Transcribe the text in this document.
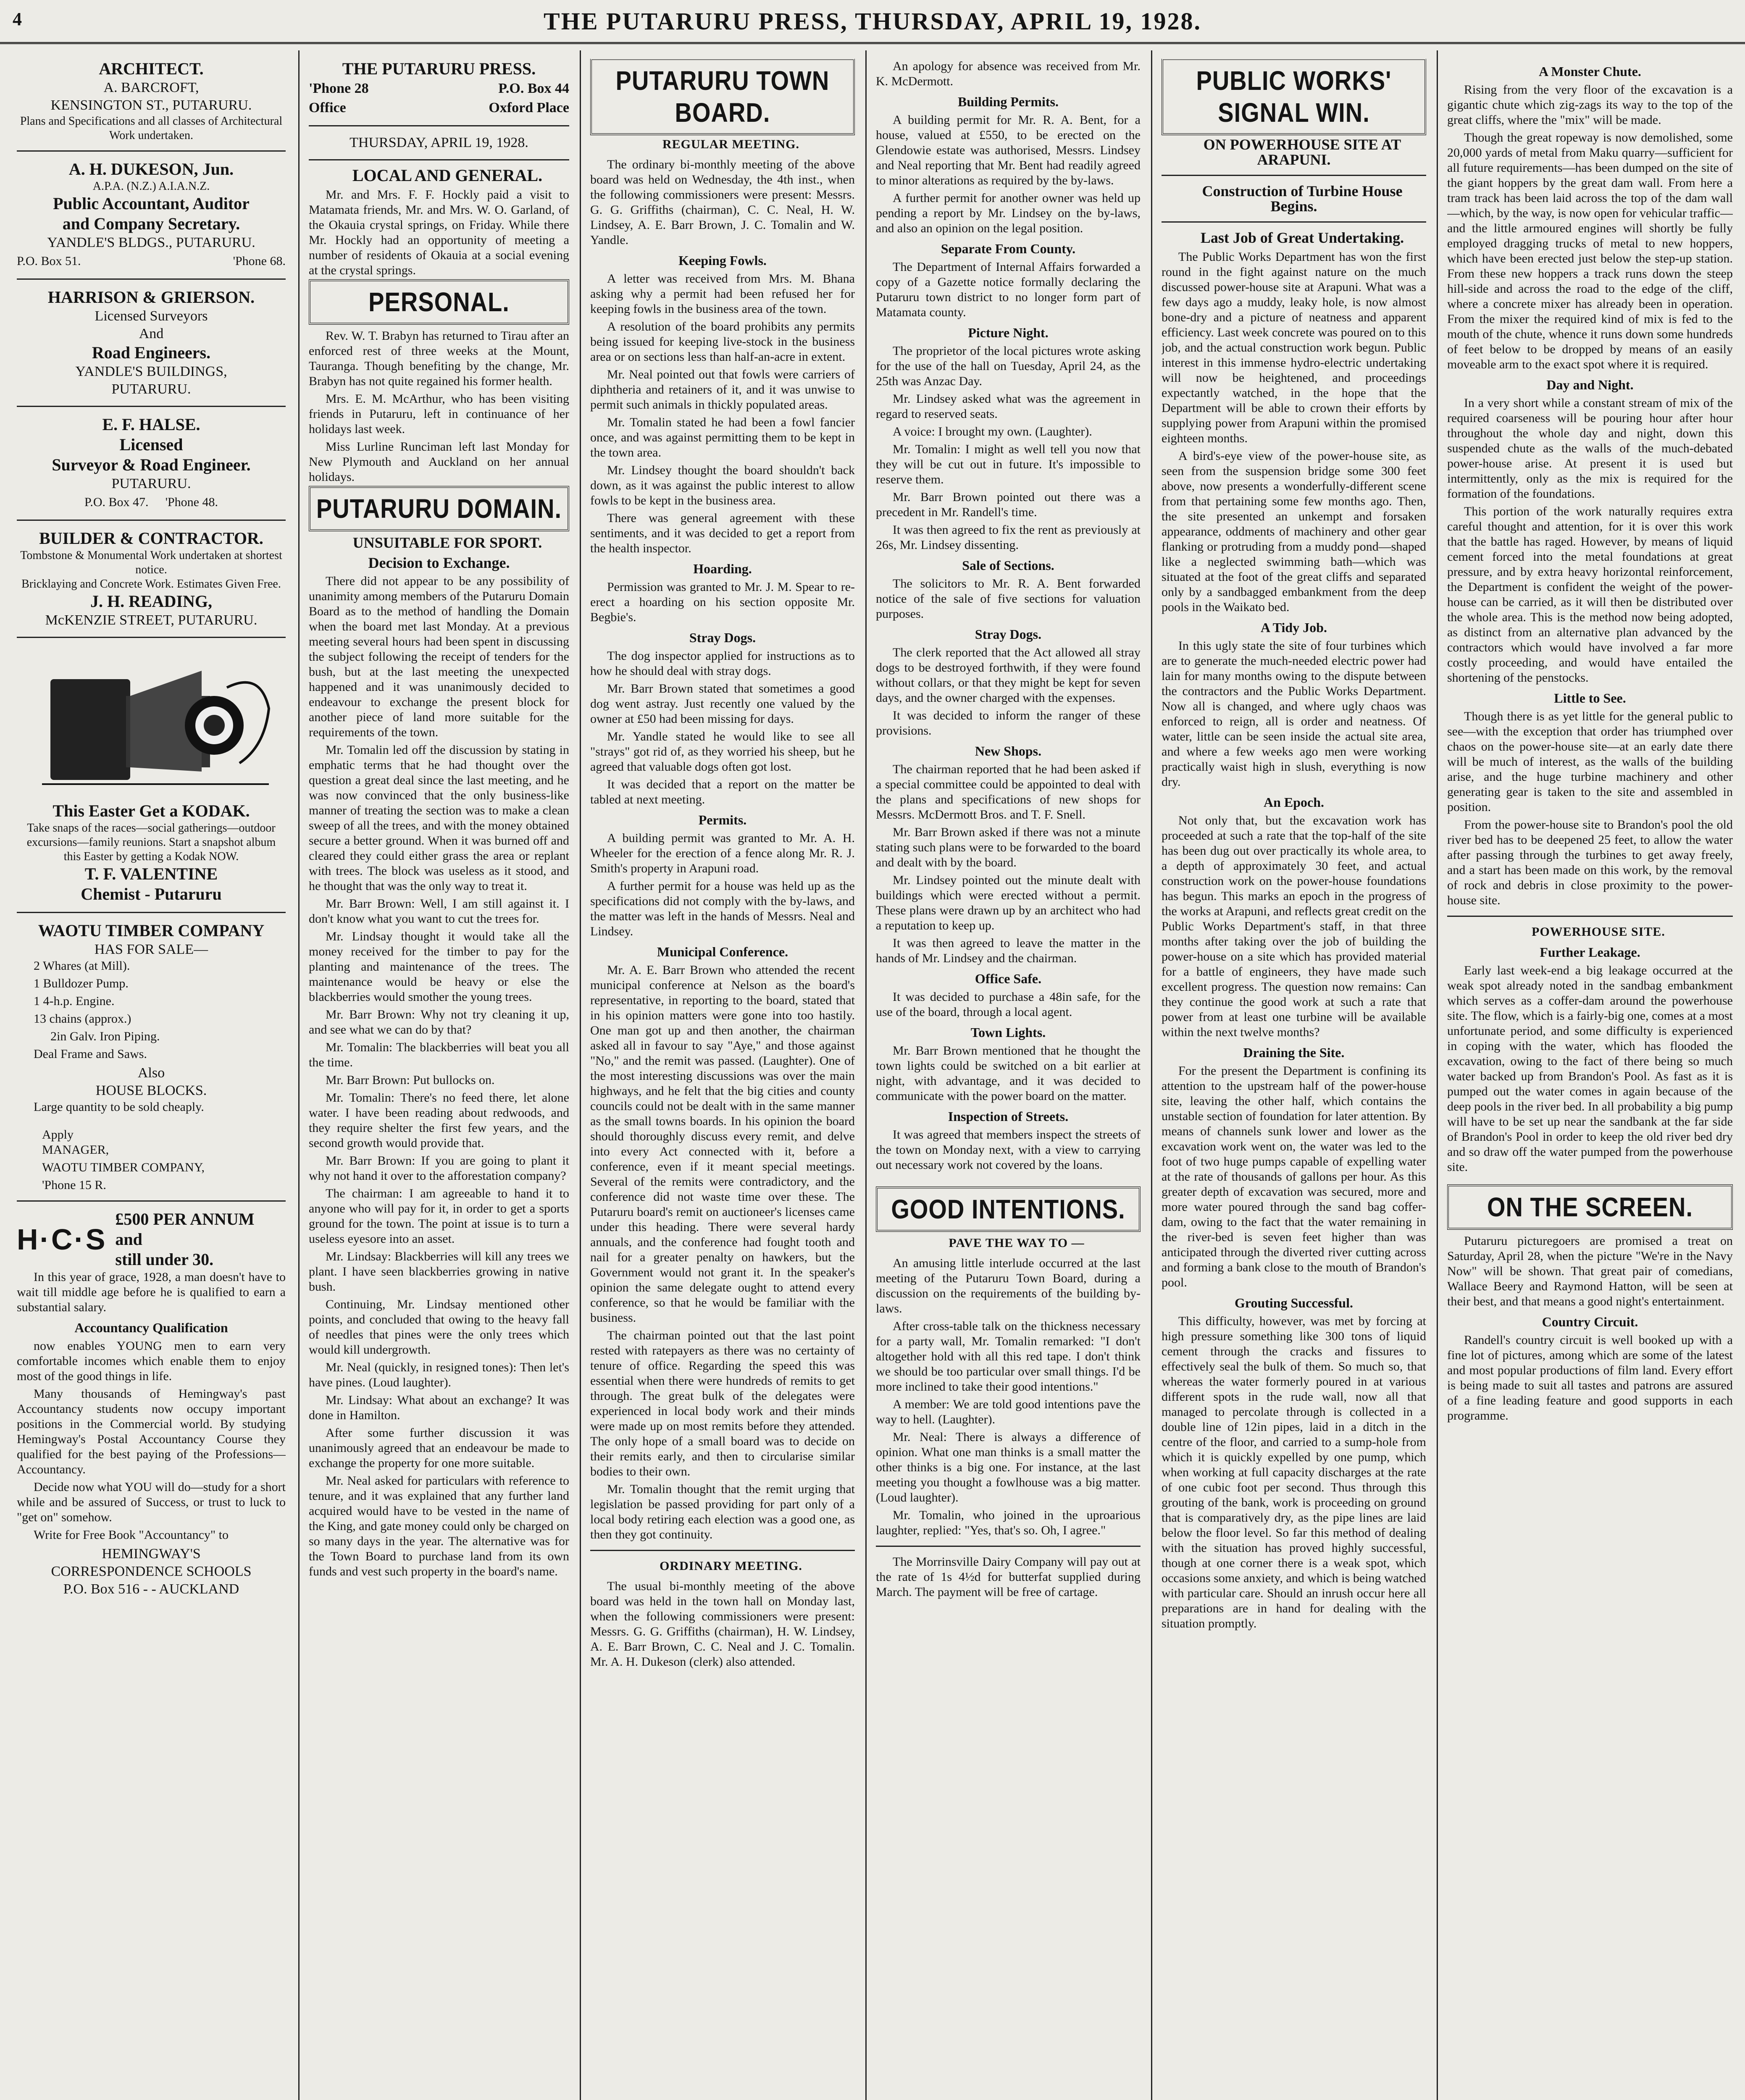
4	THE PUTARURU PRESS, THURSDAY, APRIL 19, 1928.

ARCHITECT.

A. BARCROFT,

KENSINGTON ST., PUTARURU.

Plans and Specifications and all classes of Architectural Work undertaken.

A. H. DUKESON, Jun.

A.P.A. (N.Z.) A.I.A.N.Z.

Public Accountant, Auditor

and Company Secretary.

YANDLE'S BLDGS., PUTARURU.

P.O. Box 51.	'Phone 68.

HARRISON & GRIERSON.

Licensed Surveyors

And

Road Engineers.

YANDLE'S BUILDINGS,

PUTARURU.

E. F. HALSE.

Licensed

Surveyor & Road Engineer.

PUTARURU.

P.O. Box 47. 'Phone 48.

BUILDER & CONTRACTOR.

Tombstone & Monumental Work undertaken at shortest notice.

Bricklaying and Concrete Work. Estimates Given Free.

J. H. READING,

McKENZIE STREET, PUTARURU.

This Easter Get a KODAK.

Take snaps of the races—social gatherings—outdoor excursions—family reunions. Start a snapshot album this Easter by getting a Kodak NOW.

T. F. VALENTINE

Chemist - Putaruru

WAOTU TIMBER COMPANY

HAS FOR SALE—

2 Whares (at Mill).

1 Bulldozer Pump.

1 4-h.p. Engine.

13 chains (approx.)

2in Galv. Iron Piping.

Deal Frame and Saws.

Also

HOUSE BLOCKS.

Large quantity to be sold cheaply.

Apply

MANAGER,

WAOTU TIMBER COMPANY,

'Phone 15 R.

H·C·S

£500 PER ANNUM

and

still under 30.

In this year of grace, 1928, a man doesn't have to wait till middle age before he is qualified to earn a substantial salary.

Accountancy Qualification

now enables YOUNG men to earn very comfortable incomes which enable them to enjoy most of the good things in life.

Many thousands of Hemingway's past Accountancy students now occupy important positions in the Commercial world. By studying Hemingway's Postal Accountancy Course they qualified for the best paying of the Professions—Accountancy.

Decide now what YOU will do—study for a short while and be assured of Success, or trust to luck to "get on" somehow.

Write for Free Book "Accountancy" to

HEMINGWAY'S

CORRESPONDENCE SCHOOLS

P.O. Box 516 - - AUCKLAND

THE PUTARURU PRESS.

'Phone 28	P.O. Box 44
Office	Oxford Place

THURSDAY, APRIL 19, 1928.

LOCAL AND GENERAL.

Mr. and Mrs. F. F. Hockly paid a visit to Matamata friends, Mr. and Mrs. W. O. Garland, of the Okauia crystal springs, on Friday. While there Mr. Hockly had an opportunity of meeting a number of residents of Okauia at a social evening at the crystal springs.

PERSONAL.

Rev. W. T. Brabyn has returned to Tirau after an enforced rest of three weeks at the Mount, Tauranga. Though benefiting by the change, Mr. Brabyn has not quite regained his former health.

Mrs. E. M. McArthur, who has been visiting friends in Putaruru, left in continuance of her holidays last week.

Miss Lurline Runciman left last Monday for New Plymouth and Auckland on her annual holidays.

PUTARURU DOMAIN.

UNSUITABLE FOR SPORT.

Decision to Exchange.

There did not appear to be any possibility of unanimity among members of the Putaruru Domain Board as to the method of handling the Domain when the board met last Monday. At a previous meeting several hours had been spent in discussing the subject following the receipt of tenders for the bush, but at the last meeting the unexpected happened and it was unanimously decided to endeavour to exchange the present block for another piece of land more suitable for the requirements of the town.

Mr. Tomalin led off the discussion by stating in emphatic terms that he had thought over the question a great deal since the last meeting, and he was now convinced that the only business-like manner of treating the section was to make a clean sweep of all the trees, and with the money obtained secure a better ground. When it was burned off and cleared they could either grass the area or replant with trees. The block was useless as it stood, and he thought that was the only way to treat it.

Mr. Barr Brown: Well, I am still against it. I don't know what you want to cut the trees for.

Mr. Lindsay thought it would take all the money received for the timber to pay for the planting and maintenance of the trees. The maintenance would be heavy or else the blackberries would smother the young trees.

Mr. Barr Brown: Why not try cleaning it up, and see what we can do by that?

Mr. Tomalin: The blackberries will beat you all the time.

Mr. Barr Brown: Put bullocks on.

Mr. Tomalin: There's no feed there, let alone water. I have been reading about redwoods, and they require shelter the first few years, and the second growth would provide that.

Mr. Barr Brown: If you are going to plant it why not hand it over to the afforestation company?

The chairman: I am agreeable to hand it to anyone who will pay for it, in order to get a sports ground for the town. The point at issue is to turn a useless eyesore into an asset.

Mr. Lindsay: Blackberries will kill any trees we plant. I have seen blackberries growing in native bush.

Continuing, Mr. Lindsay mentioned other points, and concluded that owing to the heavy fall of needles that pines were the only trees which would kill undergrowth.

Mr. Neal (quickly, in resigned tones): Then let's have pines. (Loud laughter).

Mr. Lindsay: What about an exchange? It was done in Hamilton.

After some further discussion it was unanimously agreed that an endeavour be made to exchange the property for one more suitable.

Mr. Neal asked for particulars with reference to tenure, and it was explained that any further land acquired would have to be vested in the name of the King, and gate money could only be charged on so many days in the year. The alternative was for the Town Board to purchase land from its own funds and vest such property in the board's name.

PUTARURU TOWN BOARD.

REGULAR MEETING.

The ordinary bi-monthly meeting of the above board was held on Wednesday, the 4th inst., when the following commissioners were present: Messrs. G. G. Griffiths (chairman), C. C. Neal, H. W. Lindsey, A. E. Barr Brown, J. C. Tomalin and W. Yandle.

Keeping Fowls.

A letter was received from Mrs. M. Bhana asking why a permit had been refused her for keeping fowls in the business area of the town.

A resolution of the board prohibits any permits being issued for keeping live-stock in the business area or on sections less than half-an-acre in extent.

Mr. Neal pointed out that fowls were carriers of diphtheria and retainers of it, and it was unwise to permit such animals in thickly populated areas.

Mr. Tomalin stated he had been a fowl fancier once, and was against permitting them to be kept in the town area.

Mr. Lindsey thought the board shouldn't back down, as it was against the public interest to allow fowls to be kept in the business area.

There was general agreement with these sentiments, and it was decided to get a report from the health inspector.

Hoarding.

Permission was granted to Mr. J. M. Spear to re-erect a hoarding on his section opposite Mr. Begbie's.

Stray Dogs.

The dog inspector applied for instructions as to how he should deal with stray dogs.

Mr. Barr Brown stated that sometimes a good dog went astray. Just recently one valued by the owner at £50 had been missing for days.

Mr. Yandle stated he would like to see all "strays" got rid of, as they worried his sheep, but he agreed that valuable dogs often got lost.

It was decided that a report on the matter be tabled at next meeting.

Permits.

A building permit was granted to Mr. A. H. Wheeler for the erection of a fence along Mr. R. J. Smith's property in Arapuni road.

A further permit for a house was held up as the specifications did not comply with the by-laws, and the matter was left in the hands of Messrs. Neal and Lindsey.

Municipal Conference.

Mr. A. E. Barr Brown who attended the recent municipal conference at Nelson as the board's representative, in reporting to the board, stated that in his opinion matters were gone into too hastily. One man got up and then another, the chairman asked all in favour to say "Aye," and those against "No," and the remit was passed. (Laughter). One of the most interesting discussions was over the main highways, and he felt that the big cities and county councils could not be dealt with in the same manner as the small towns boards. In his opinion the board should thoroughly discuss every remit, and delve into every Act connected with it, before a conference, even if it meant special meetings. Several of the remits were contradictory, and the conference did not waste time over these. The Putaruru board's remit on auctioneer's licenses came under this heading. There were several hardy annuals, and the conference had fought tooth and nail for a greater penalty on hawkers, but the Government would not grant it. In the speaker's opinion the same delegate ought to attend every conference, so that he would be familiar with the business.

The chairman pointed out that the last point rested with ratepayers as there was no certainty of tenure of office. Regarding the speed this was essential when there were hundreds of remits to get through. The great bulk of the delegates were experienced in local body work and their minds were made up on most remits before they attended. The only hope of a small board was to decide on their remits early, and then to circularise similar bodies to their own.

Mr. Tomalin thought that the remit urging that legislation be passed providing for part only of a local body retiring each election was a good one, as then they got continuity.

ORDINARY MEETING.

The usual bi-monthly meeting of the above board was held in the town hall on Monday last, when the following commissioners were present: Messrs. G. G. Griffiths (chairman), H. W. Lindsey, A. E. Barr Brown, C. C. Neal and J. C. Tomalin. Mr. A. H. Dukeson (clerk) also attended.

An apology for absence was received from Mr. K. McDermott.

Building Permits.

A building permit for Mr. R. A. Bent, for a house, valued at £550, to be erected on the Glendowie estate was authorised, Messrs. Lindsey and Neal reporting that Mr. Bent had readily agreed to minor alterations as required by the by-laws.

A further permit for another owner was held up pending a report by Mr. Lindsey on the by-laws, and also an opinion on the legal position.

Separate From County.

The Department of Internal Affairs forwarded a copy of a Gazette notice formally declaring the Putaruru town district to no longer form part of Matamata county.

Picture Night.

The proprietor of the local pictures wrote asking for the use of the hall on Tuesday, April 24, as the 25th was Anzac Day.

Mr. Lindsey asked what was the agreement in regard to reserved seats.

A voice: I brought my own. (Laughter).

Mr. Tomalin: I might as well tell you now that they will be cut out in future. It's impossible to reserve them.

Mr. Barr Brown pointed out there was a precedent in Mr. Randell's time.

It was then agreed to fix the rent as previously at 26s, Mr. Lindsey dissenting.

Sale of Sections.

The solicitors to Mr. R. A. Bent forwarded notice of the sale of five sections for valuation purposes.

Stray Dogs.

The clerk reported that the Act allowed all stray dogs to be destroyed forthwith, if they were found without collars, or that they might be kept for seven days, and the owner charged with the expenses.

It was decided to inform the ranger of these provisions.

New Shops.

The chairman reported that he had been asked if a special committee could be appointed to deal with the plans and specifications of new shops for Messrs. McDermott Bros. and T. F. Snell.

Mr. Barr Brown asked if there was not a minute stating such plans were to be forwarded to the board and dealt with by the board.

Mr. Lindsey pointed out the minute dealt with buildings which were erected without a permit. These plans were drawn up by an architect who had a reputation to keep up.

It was then agreed to leave the matter in the hands of Mr. Lindsey and the chairman.

Office Safe.

It was decided to purchase a 48in safe, for the use of the board, through a local agent.

Town Lights.

Mr. Barr Brown mentioned that he thought the town lights could be switched on a bit earlier at night, with advantage, and it was decided to communicate with the power board on the matter.

Inspection of Streets.

It was agreed that members inspect the streets of the town on Monday next, with a view to carrying out necessary work not covered by the loans.

GOOD INTENTIONS.

PAVE THE WAY TO —

An amusing little interlude occurred at the last meeting of the Putaruru Town Board, during a discussion on the requirements of the building by-laws.

After cross-table talk on the thickness necessary for a party wall, Mr. Tomalin remarked: "I don't altogether hold with all this red tape. I don't think we should be too particular over small things. I'd be more inclined to take their good intentions."

A member: We are told good intentions pave the way to hell. (Laughter).

Mr. Neal: There is always a difference of opinion. What one man thinks is a small matter the other thinks is a big one. For instance, at the last meeting you thought a fowlhouse was a big matter. (Loud laughter).

Mr. Tomalin, who joined in the uproarious laughter, replied: "Yes, that's so. Oh, I agree."

The Morrinsville Dairy Company will pay out at the rate of 1s 4½d for butterfat supplied during March. The payment will be free of cartage.

PUBLIC WORKS' SIGNAL WIN.

ON POWERHOUSE SITE AT ARAPUNI.

Construction of Turbine House Begins.

Last Job of Great Undertaking.

The Public Works Department has won the first round in the fight against nature on the much discussed power-house site at Arapuni. What was a few days ago a muddy, leaky hole, is now almost bone-dry and a picture of neatness and apparent efficiency. Last week concrete was poured on to this job, and the actual construction work begun. Public interest in this immense hydro-electric undertaking will now be heightened, and proceedings expectantly watched, in the hope that the Department will be able to crown their efforts by supplying power from Arapuni within the promised eighteen months.

A bird's-eye view of the power-house site, as seen from the suspension bridge some 300 feet above, now presents a wonderfully-different scene from that pertaining some few months ago. Then, the site presented an unkempt and forsaken appearance, oddments of machinery and other gear flanking or protruding from a muddy pond—shaped like a neglected swimming bath—which was situated at the foot of the great cliffs and separated only by a sandbagged embankment from the deep pools in the Waikato bed.

A Tidy Job.

In this ugly state the site of four turbines which are to generate the much-needed electric power had lain for many months owing to the dispute between the contractors and the Public Works Department. Now all is changed, and where ugly chaos was enforced to reign, all is order and neatness. Of water, little can be seen inside the actual site area, and where a few weeks ago men were working practically waist high in slush, everything is now dry.

An Epoch.

Not only that, but the excavation work has proceeded at such a rate that the top-half of the site has been dug out over practically its whole area, to a depth of approximately 30 feet, and actual construction work on the power-house foundations has begun. This marks an epoch in the progress of the works at Arapuni, and reflects great credit on the Public Works Department's staff, in that three months after taking over the job of building the power-house on a site which has provided material for a battle of engineers, they have made such excellent progress. The question now remains: Can they continue the good work at such a rate that power from at least one turbine will be available within the next twelve months?

Draining the Site.

For the present the Department is confining its attention to the upstream half of the power-house site, leaving the other half, which contains the unstable section of foundation for later attention. By means of channels sunk lower and lower as the excavation work went on, the water was led to the foot of two huge pumps capable of expelling water at the rate of thousands of gallons per hour. As this greater depth of excavation was secured, more and more water poured through the sand bag coffer-dam, owing to the fact that the water remaining in the river-bed is seven feet higher than was anticipated through the diverted river cutting across and forming a bank close to the mouth of Brandon's pool.

Grouting Successful.

This difficulty, however, was met by forcing at high pressure something like 300 tons of liquid cement through the cracks and fissures to effectively seal the bulk of them. So much so, that whereas the water formerly poured in at various different spots in the rude wall, now all that managed to percolate through is collected in a double line of 12in pipes, laid in a ditch in the centre of the floor, and carried to a sump-hole from which it is quickly expelled by one pump, which when working at full capacity discharges at the rate of one cubic foot per second. Thus through this grouting of the bank, work is proceeding on ground that is comparatively dry, as the pipe lines are laid below the floor level. So far this method of dealing with the situation has proved highly successful, though at one corner there is a weak spot, which occasions some anxiety, and which is being watched with particular care. Should an inrush occur here all preparations are in hand for dealing with the situation promptly.

A Monster Chute.

Rising from the very floor of the excavation is a gigantic chute which zig-zags its way to the top of the great cliffs, where the "mix" will be made.

Though the great ropeway is now demolished, some 20,000 yards of metal from Maku quarry—sufficient for all future requirements—has been dumped on the site of the giant hoppers by the great dam wall. From here a tram track has been laid across the top of the dam wall—which, by the way, is now open for vehicular traffic—and the little armoured engines will shortly be fully employed dragging trucks of metal to new hoppers, which have been erected just below the step-up station. From these new hoppers a track runs down the steep hill-side and across the road to the edge of the cliff, where a concrete mixer has already been in operation. From the mixer the required kind of mix is fed to the mouth of the chute, whence it runs down some hundreds of feet below to be dropped by means of an easily moveable arm to the exact spot where it is required.

Day and Night.

In a very short while a constant stream of mix of the required coarseness will be pouring hour after hour throughout the whole day and night, down this suspended chute as the walls of the much-debated power-house arise. At present it is used but intermittently, only as the mix is required for the formation of the foundations.

This portion of the work naturally requires extra careful thought and attention, for it is over this work that the battle has raged. However, by means of liquid cement forced into the metal foundations at great pressure, and by extra heavy horizontal reinforcement, the Department is confident the weight of the power-house can be carried, as it will then be distributed over the whole area. This is the method now being adopted, as distinct from an alternative plan advanced by the contractors which would have involved a far more costly proceeding, and would have entailed the shortening of the penstocks.

Little to See.

Though there is as yet little for the general public to see—with the exception that order has triumphed over chaos on the power-house site—at an early date there will be much of interest, as the walls of the building arise, and the huge turbine machinery and other generating gear is taken to the site and assembled in position.

From the power-house site to Brandon's pool the old river bed has to be deepened 25 feet, to allow the water after passing through the turbines to get away freely, and a start has been made on this work, by the removal of rock and debris in close proximity to the power-house site.

POWERHOUSE SITE.

Further Leakage.

Early last week-end a big leakage occurred at the weak spot already noted in the sandbag embankment which serves as a coffer-dam around the powerhouse site. The flow, which is a fairly-big one, comes at a most unfortunate period, and some difficulty is experienced in coping with the water, which has flooded the excavation, owing to the fact of there being so much water backed up from Brandon's Pool. As fast as it is pumped out the water comes in again because of the deep pools in the river bed. In all probability a big pump will have to be set up near the sandbank at the far side of Brandon's Pool in order to keep the old river bed dry and so draw off the water pumped from the powerhouse site.

ON THE SCREEN.

Putaruru picturegoers are promised a treat on Saturday, April 28, when the picture "We're in the Navy Now" will be shown. That great pair of comedians, Wallace Beery and Raymond Hatton, will be seen at their best, and that means a good night's entertainment.

Country Circuit.

Randell's country circuit is well booked up with a fine lot of pictures, among which are some of the latest and most popular productions of film land. Every effort is being made to suit all tastes and patrons are assured of a fine leading feature and good supports in each programme.
